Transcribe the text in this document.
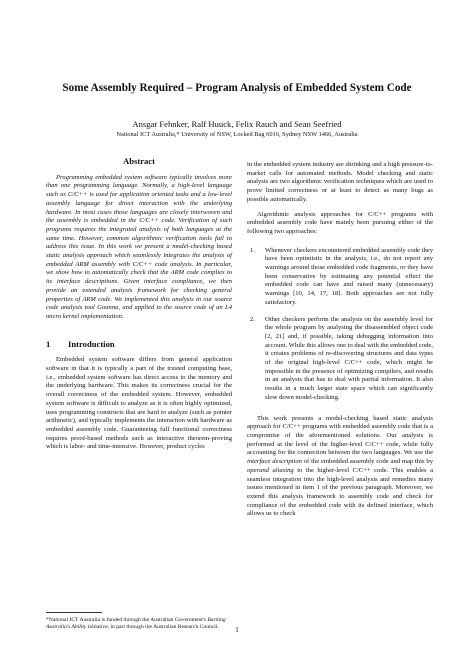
Some Assembly Required – Program Analysis of Embedded System Code
Ansgar Fehnker, Ralf Huuck, Felix Rauch and Sean Seefried
National ICT Australia,* University of NSW, Locked Bag 6016, Sydney NSW 1466, Australia
Abstract

Programming embedded system software typically involves more than one programming language. Normally, a high-level language such as C/C++ is used for application oriented tasks and a low-level assembly language for direct interaction with the underlying hardware. In most cases those languages are closely interwoven and the assembly is embedded in the C/C++ code. Verification of such programs requires the integrated analysis of both languages at the same time. However, common algorithmic verification tools fail to address this issue. In this work we present a model-checking based static analysis approach which seamlessly integrates the analysis of embedded ARM assembly with C/C++ code analysis. In particular, we show how to automatically check that the ARM code complies to its interface descriptions. Given interface compliance, we then provide an extended analysis framework for checking general properties of ARM code. We implemented this analysis in our source code analysis tool Goanna, and applied to the source code of an L4 micro kernel implementation.

1 Introduction

Embedded system software differs from general application software in that it is typically a part of the trusted computing base, i.e., embedded system software has direct access to the memory and the underlying hardware. This makes its correctness crucial for the overall correctness of the embedded system. However, embedded system software is difficult to analyze as it is often highly optimized, uses programming constructs that are hard to analyze (such as pointer arithmetic), and typically implements the interaction with hardware as embedded assembly code. Guaranteeing full functional correctness requires proof-based methods such as interactive theorem-proving which is labor- and time-intensive. However, product cycles

in the embedded system industry are shrinking and a high pressure-to-market calls for automated methods. Model checking and static analysis are two algorithmic verification techniques which are used to prove limited correctness or at least to detect as many bugs as possible automatically.

Algorithmic analysis approaches for C/C++ programs with embedded assembly code have mainly been pursuing either of the following two approaches:

1. Whenever checkers encountered embedded assembly code they have been optimistic in the analysis, i.e., do not report any warnings around those embedded code fragments, or they have been conservative by estimating any potential effect the embedded code can have and raised many (unnecessary) warnings [10, 14, 17, 18]. Both approaches are not fully satisfactory.
2. Other checkers perform the analysis on the assembly level for the whole program by analysing the disassembled object code [2, 21] and, if possible, taking debugging information into account. While this allows one to deal with the embedded code, it creates problems of re-discovering structures and data types of the original high-level C/C++ code, which might be impossible in the presence of optimizing compilers, and results in an analysis that has to deal with partial information. It also results in a much larger state space which can significantly slow down model-checking.

This work presents a model-checking based static analysis approach for C/C++ programs with embedded assembly code that is a compromise of the aforementioned solutions. Our analysis is performed at the level of the higher-level C/C++ code, while fully accounting for the connection between the two languages. We use the interface description of the embedded assembly code and map this by operand aliasing to the higher-level C/C++ code. This enables a seamless integration into the high-level analysis and remedies many issues mentioned in item 1 of the previous paragraph. Moreover, we extend this analysis framework to assembly code and check for compliance of the embedded code with its defined interface, which allows us to check

*National ICT Australia is funded through the Australian Government's Backing Australia's Ability initiative, in part through the Australian Research Council.	1
